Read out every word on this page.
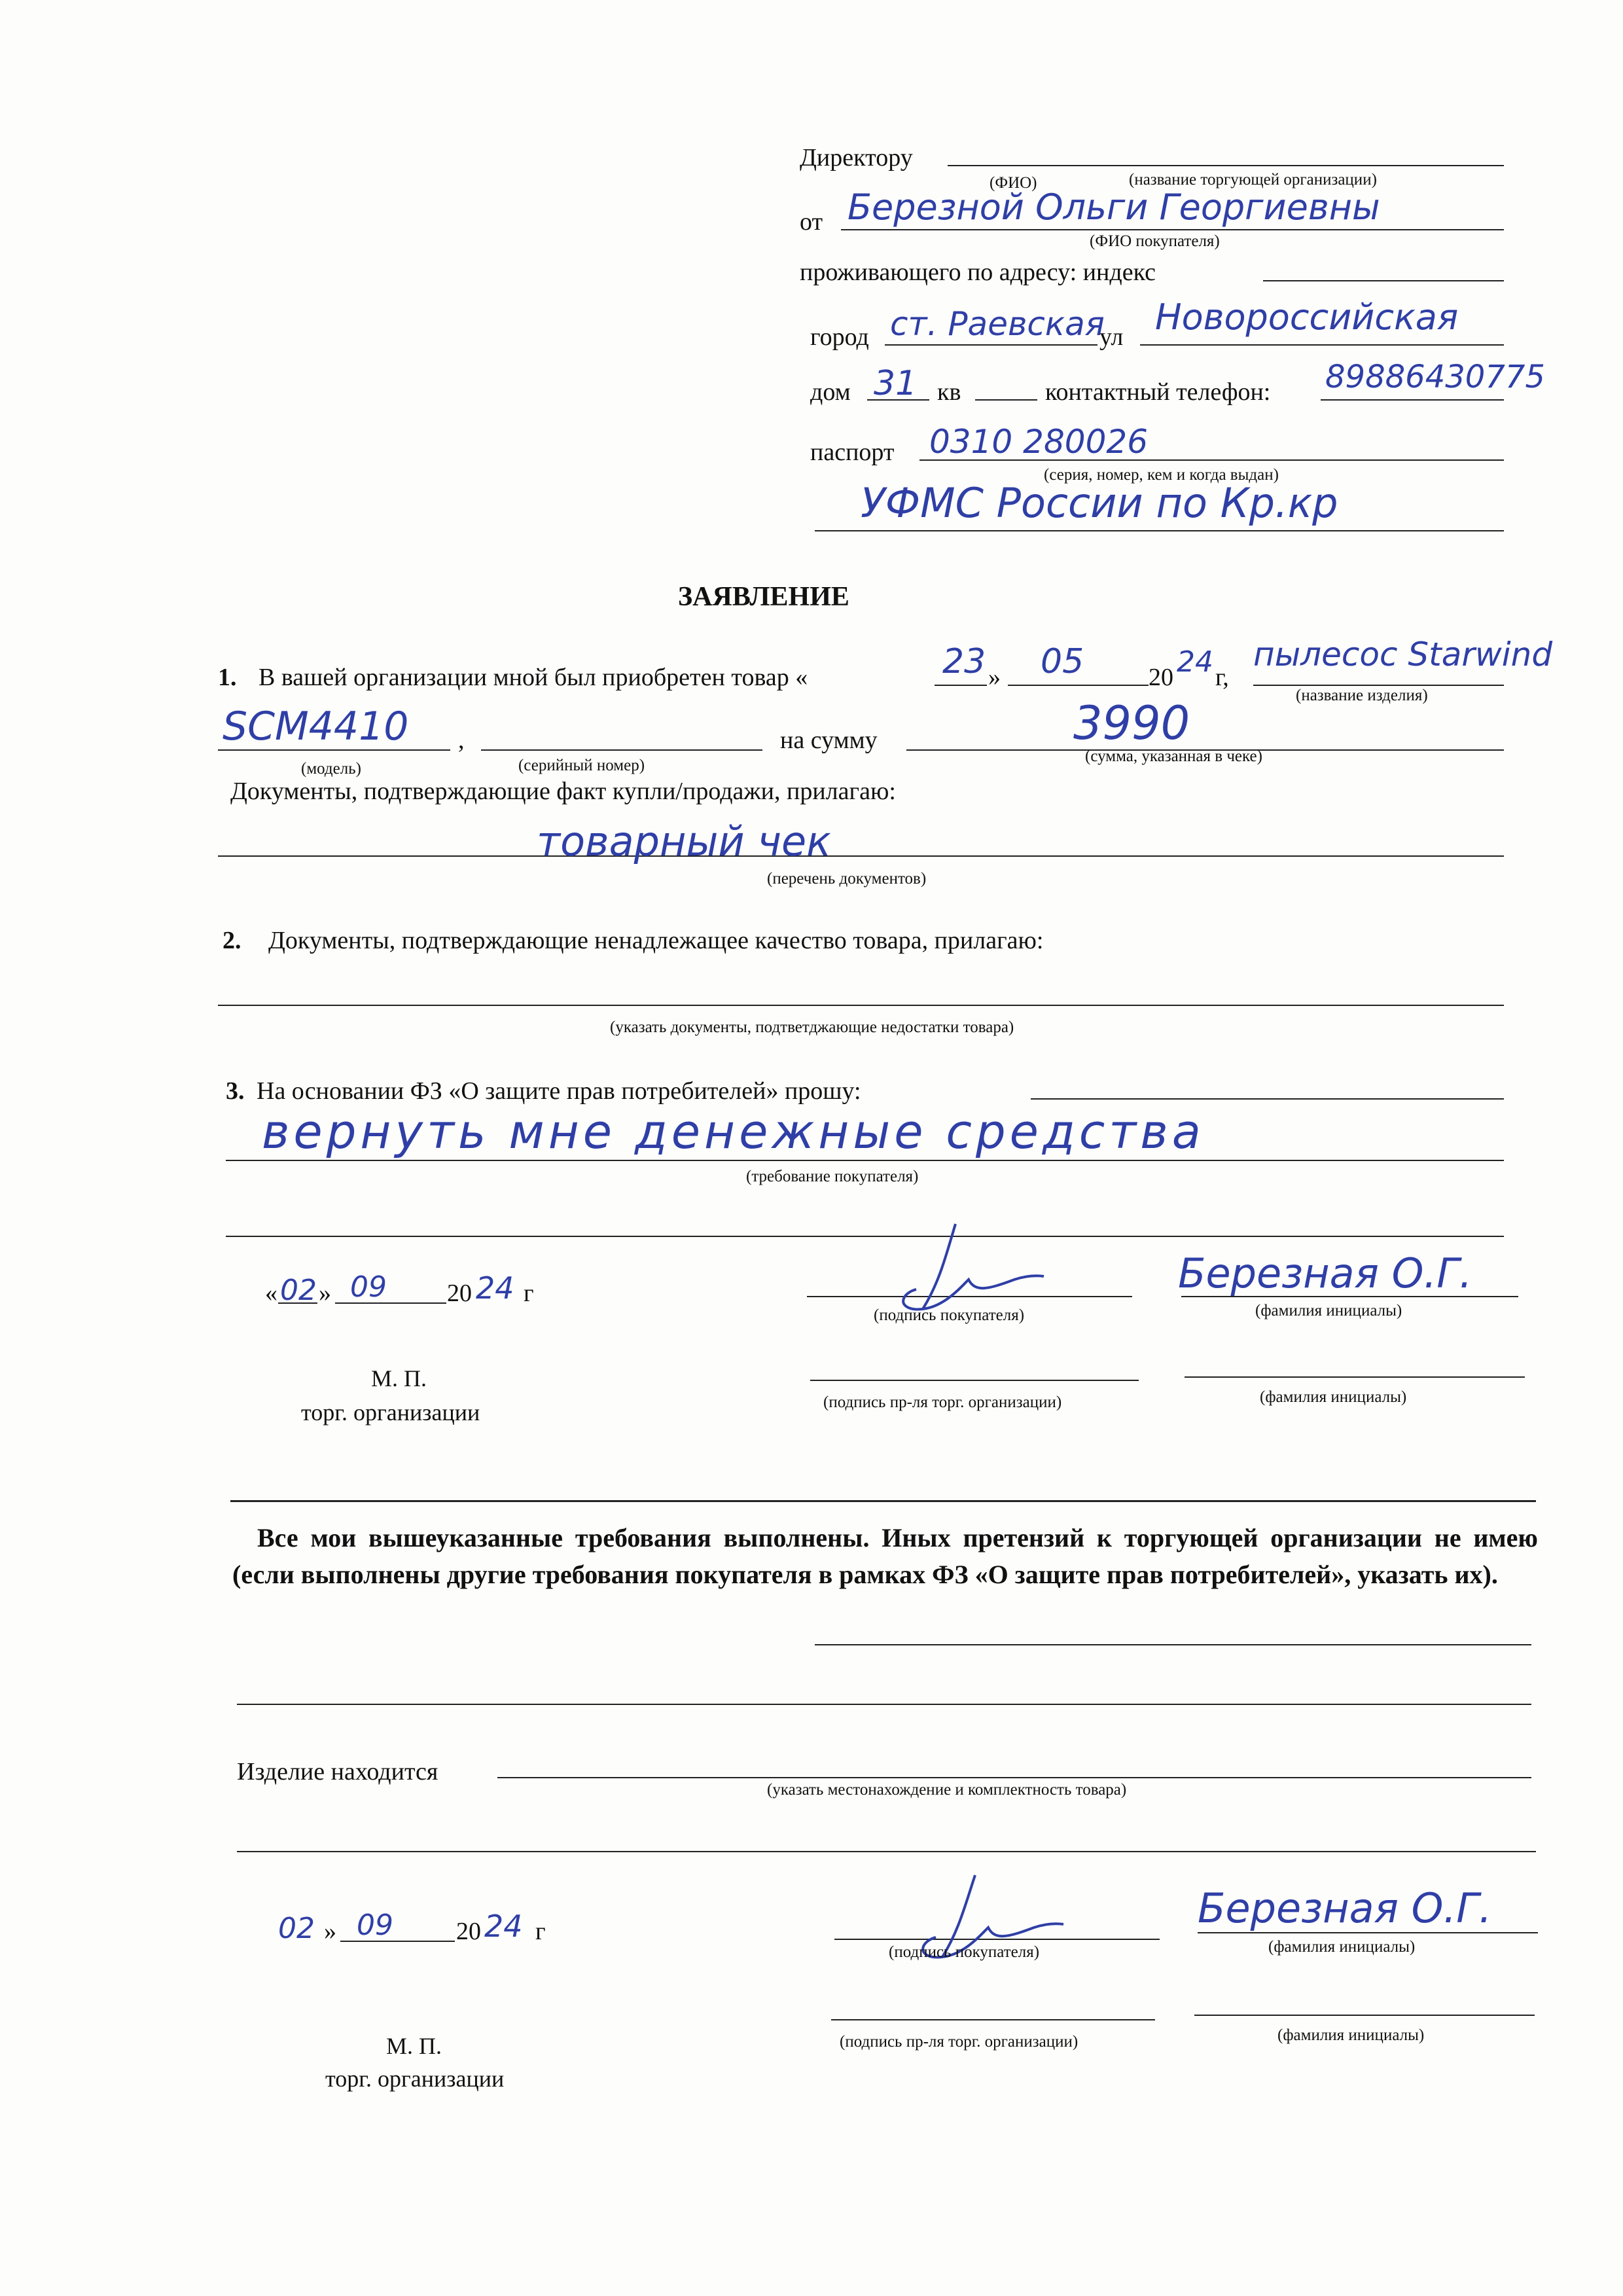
Директору
(ФИО)	(название торгующей организации)
от Березной Ольги Георгиевны
(ФИО покупателя)
проживающего по адресу: индекс
город ст. Раевская
ул Новороссийская
дом 31 кв	контактный телефон: 89886430775
паспорт 0310 280026
(серия, номер, кем и когда выдан)
УФМС России по Кр.кр
ЗАЯВЛЕНИЕ
1. В вашей организации мной был приобретен товар «	23 » 05	20 24 г,
пылесос Starwind
(название изделия)
SCM4410 ,	на сумму	3990
(модель)	(серийный номер)
(сумма, указанная в чеке)
Документы, подтверждающие факт купли/продажи, прилагаю:
товарный чек
(перечень документов)
2. Документы, подтверждающие ненадлежащее качество товара, прилагаю:
(указать документы, подтветджающие недостатки товара)
3. На основании ФЗ «О защите прав потребителей» прошу:
вернуть мне денежные средства
(требование покупателя)
« 02 » 09 20 24 г
(подпись покупателя)
Березная О.Г.
(фамилия инициалы)
М. П.
торг. организации	(подпись пр-ля торг. организации)	(фамилия инициалы)
Все мои вышеуказанные требования выполнены. Иных претензий к торгующей организации не имею (если выполнены другие требования покупателя в рамках ФЗ «О защите прав потребителей», указать их).
Изделие находится
(указать местонахождение и комплектность товара)
02 » 09	20 24 г
(подпись покупателя)
Березная О.Г.
(фамилия инициалы)
М. П.
торг. организации
(подпись пр-ля торг. организации)	(фамилия инициалы)
